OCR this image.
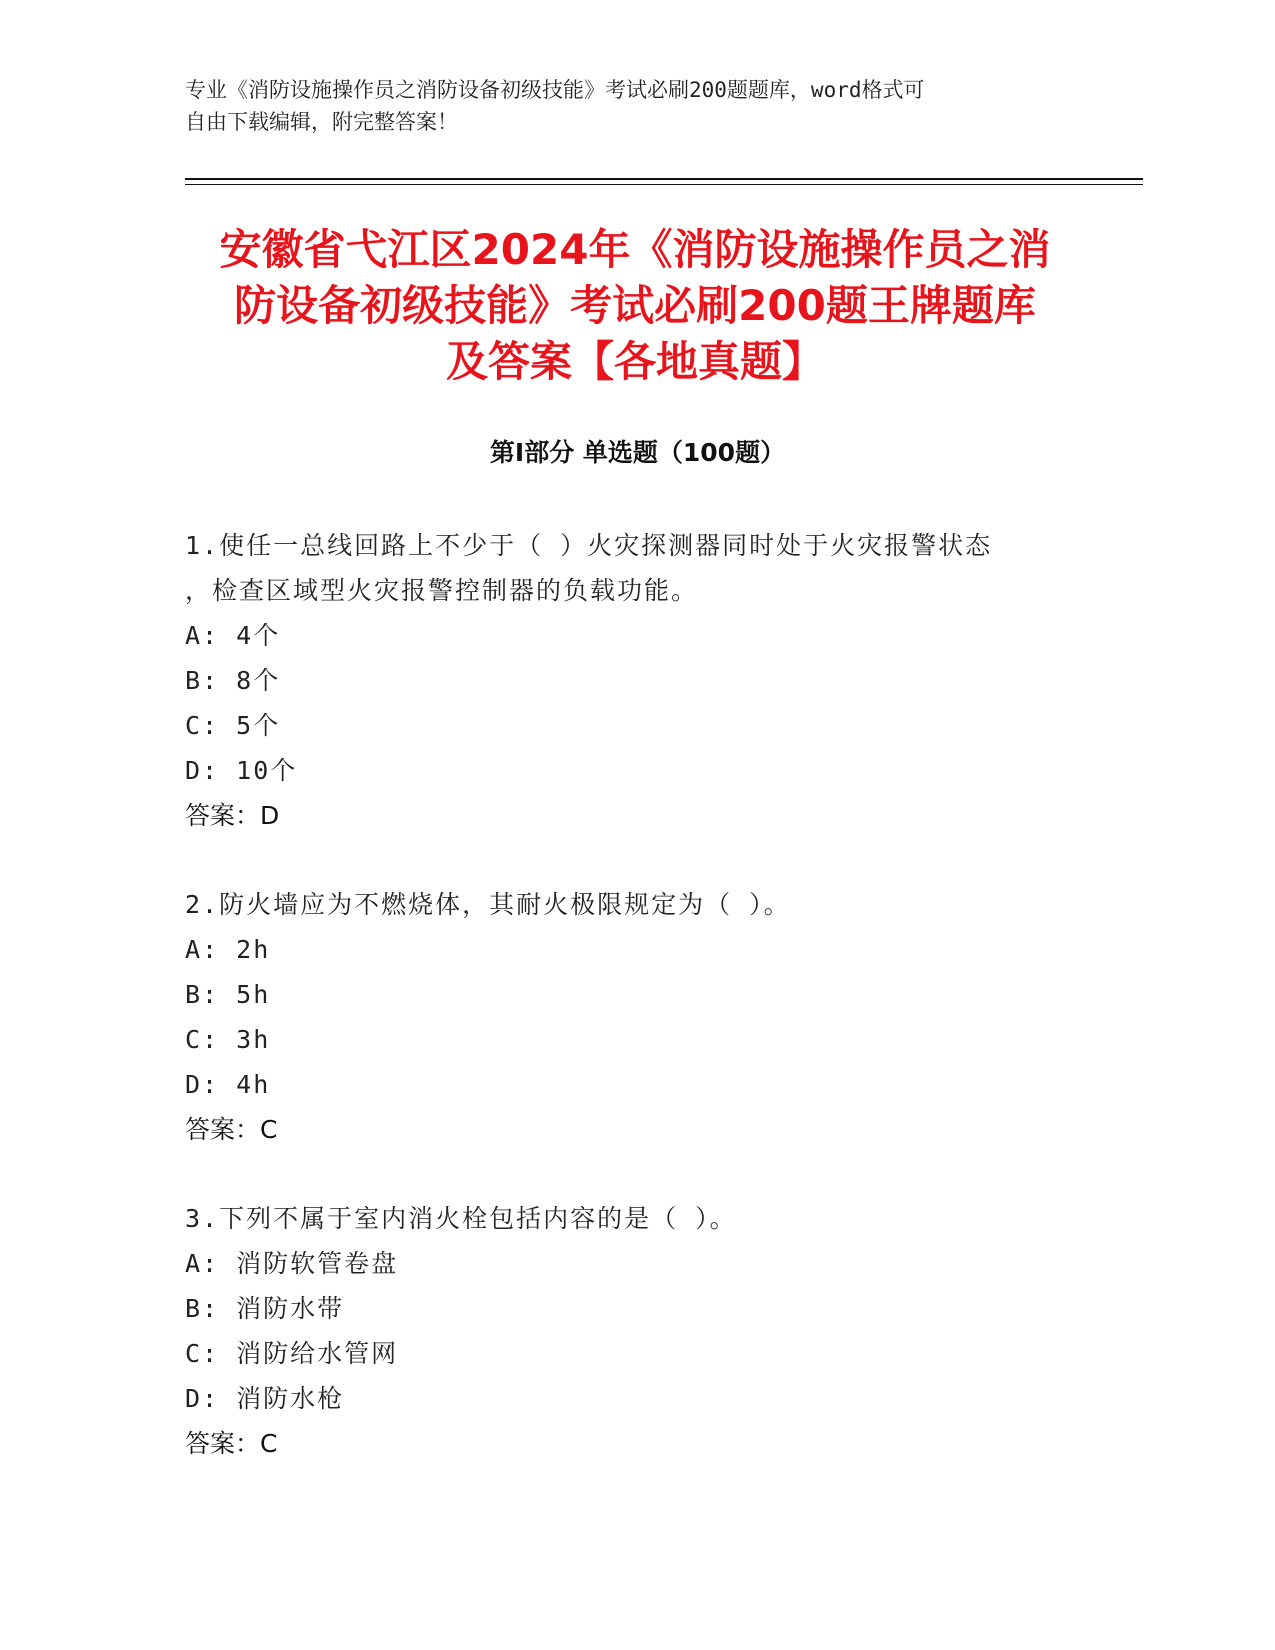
专业《消防设施操作员之消防设备初级技能》考试必刷200题题库，word格式可
自由下载编辑，附完整答案！
安徽省弋江区2024年《消防设施操作员之消
防设备初级技能》考试必刷200题王牌题库
及答案【各地真题】
第Ⅰ部分 单选题（100题）
1.使任一总线回路上不少于（ ）火灾探测器同时处于火灾报警状态
，检查区域型火灾报警控制器的负载功能。
A: 4个
B: 8个
C: 5个
D: 10个
答案：D
2.防火墙应为不燃烧体，其耐火极限规定为（ ）。
A: 2h
B: 5h
C: 3h
D: 4h
答案：C
3.下列不属于室内消火栓包括内容的是（ ）。
A: 消防软管卷盘
B: 消防水带
C: 消防给水管网
D: 消防水枪
答案：C
